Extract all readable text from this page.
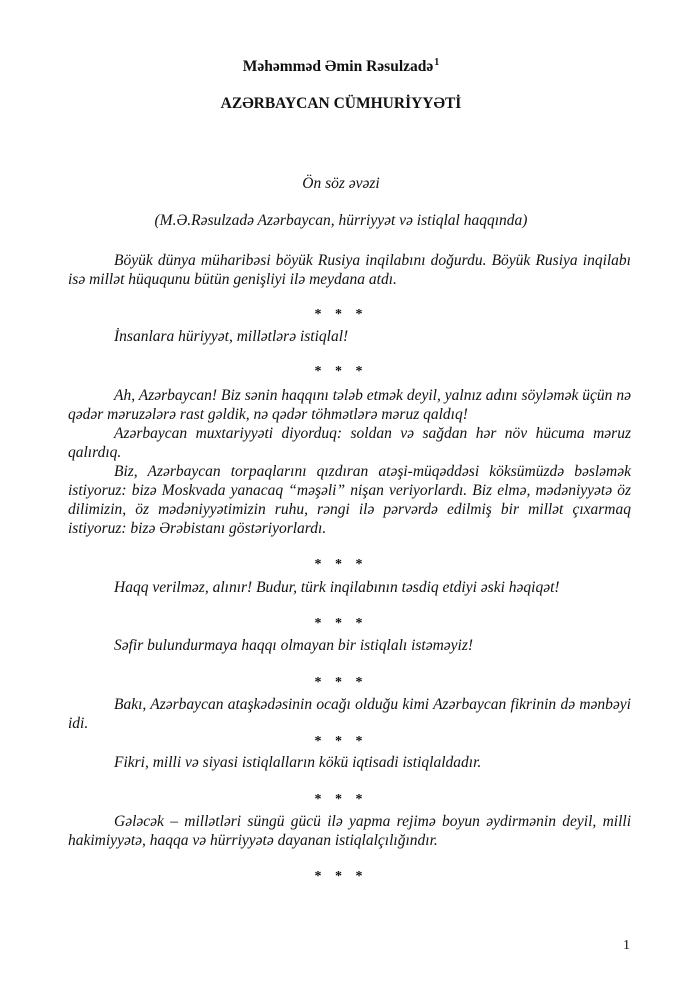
Məhəmməd Əmin Rəsulzadə$^1$
AZƏRBAYCAN CÜMHURİYYƏTİ
Ön söz əvəzi
(M.Ə.Rəsulzadə Azərbaycan, hürriyyət və istiqlal haqqında)

Böyük dünya müharibəsi böyük Rusiya inqilabını doğurdu. Böyük Rusiya inqilabı isə millət hüququnu bütün genişliyi ilə meydana atdı.

* * *

İnsanlara hüriyyət, millətlərə istiqlal!

* * *

Ah, Azərbaycan! Biz sənin haqqını tələb etmək deyil, yalnız adını söyləmək üçün nə qədər məruzələrə rast gəldik, nə qədər töhmətlərə məruz qaldıq!

Azərbaycan muxtariyyəti diyorduq: soldan və sağdan hər növ hücuma məruz qalırdıq.

Biz, Azərbaycan torpaqlarını qızdıran atəşi-müqəddəsi köksümüzdə bəsləmək istiyoruz: bizə Moskvada yanacaq “məşəli” nişan veriyorlardı. Biz elmə, mədəniyyətə öz dilimizin, öz mədəniyyətimizin ruhu, rəngi ilə pərvərdə edilmiş bir millət çıxarmaq istiyoruz: bizə Ərəbistanı göstəriyorlardı.

* * *

Haqq verilməz, alınır! Budur, türk inqilabının təsdiq etdiyi əski həqiqət!

* * *

Səfir bulundurmaya haqqı olmayan bir istiqlalı istəməyiz!

* * *

Bakı, Azərbaycan ataşkədəsinin ocağı olduğu kimi Azərbaycan fikrinin də mənbəyi idi.

* * *

Fikri, milli və siyasi istiqlalların kökü iqtisadi istiqlaldadır.

* * *

Gələcək – millətləri süngü gücü ilə yapma rejimə boyun əydirmənin deyil, milli hakimiyyətə, haqqa və hürriyyətə dayanan istiqlalçılığındır.

* * *
1
